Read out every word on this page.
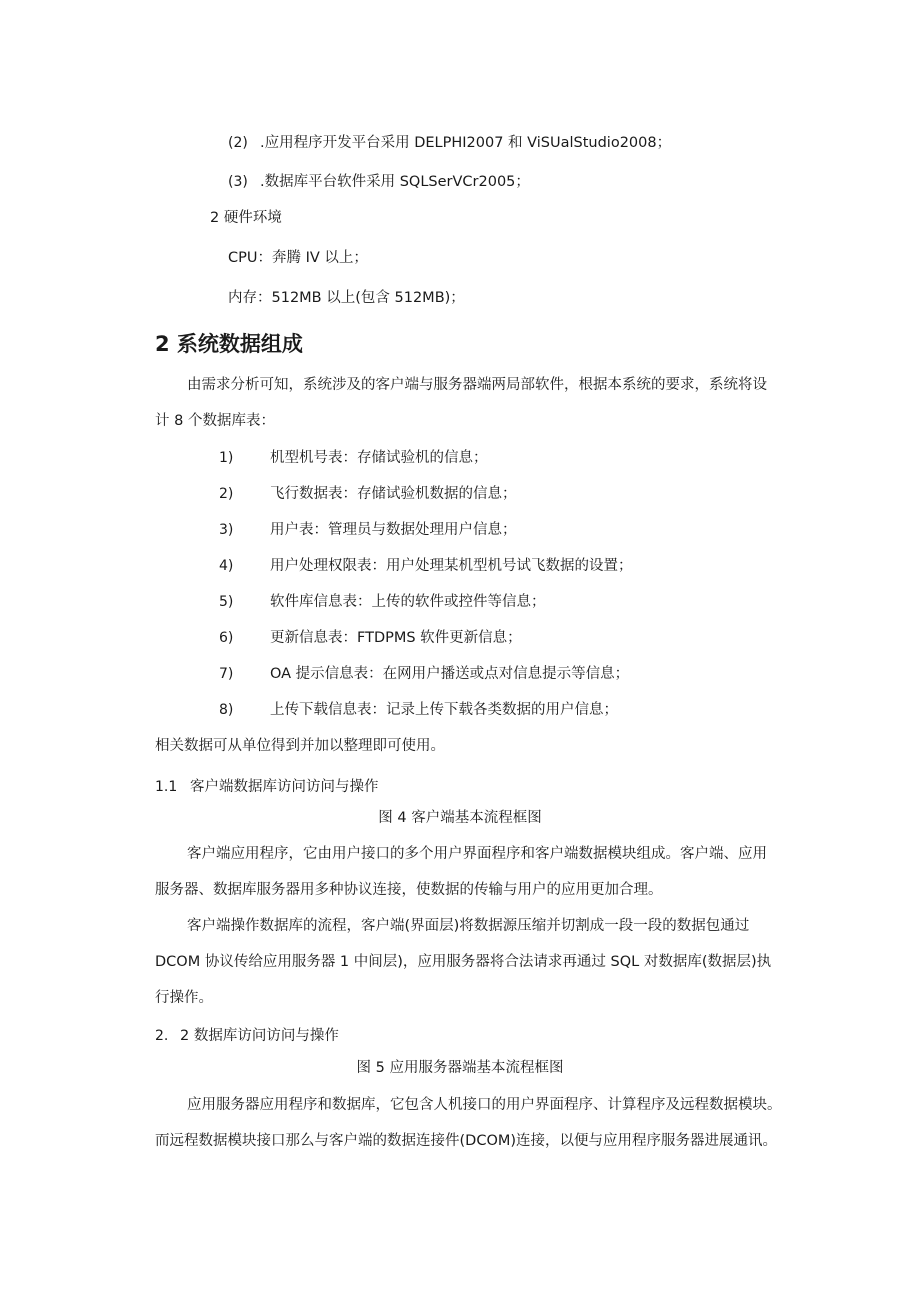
(2) .应用程序开发平台采用 DELPHI2007 和 ViSUalStudio2008；
(3) .数据库平台软件采用 SQLSerVCr2005；
2 硬件环境
CPU：奔腾 IV 以上；
内存：512MB 以上(包含 512MB)；
2 系统数据组成
由需求分析可知，系统涉及的客户端与服务器端两局部软件，根据本系统的要求，系统将设
计 8 个数据库表：
1)	机型机号表：存储试验机的信息；
2)	飞行数据表：存储试验机数据的信息；
3)	用户表：管理员与数据处理用户信息；
4)	用户处理权限表：用户处理某机型机号试飞数据的设置；
5)	软件库信息表：上传的软件或控件等信息；
6)	更新信息表：FTDPMS 软件更新信息；
7)	OA 提示信息表：在网用户播送或点对信息提示等信息；
8)	上传下载信息表：记录上传下载各类数据的用户信息；
相关数据可从单位得到并加以整理即可使用。
1.1 客户端数据库访问访问与操作
图 4 客户端基本流程框图
客户端应用程序，它由用户接口的多个用户界面程序和客户端数据模块组成。客户端、应用
服务器、数据库服务器用多种协议连接，使数据的传输与用户的应用更加合理。
客户端操作数据库的流程，客户端(界面层)将数据源压缩并切割成一段一段的数据包通过
DCOM 协议传给应用服务器 1 中间层)，应用服务器将合法请求再通过 SQL 对数据库(数据层)执
行操作。
2. 2 数据库访问访问与操作
图 5 应用服务器端基本流程框图
应用服务器应用程序和数据库，它包含人机接口的用户界面程序、计算程序及远程数据模块。
而远程数据模块接口那么与客户端的数据连接件(DCOM)连接，以便与应用程序服务器进展通讯。
